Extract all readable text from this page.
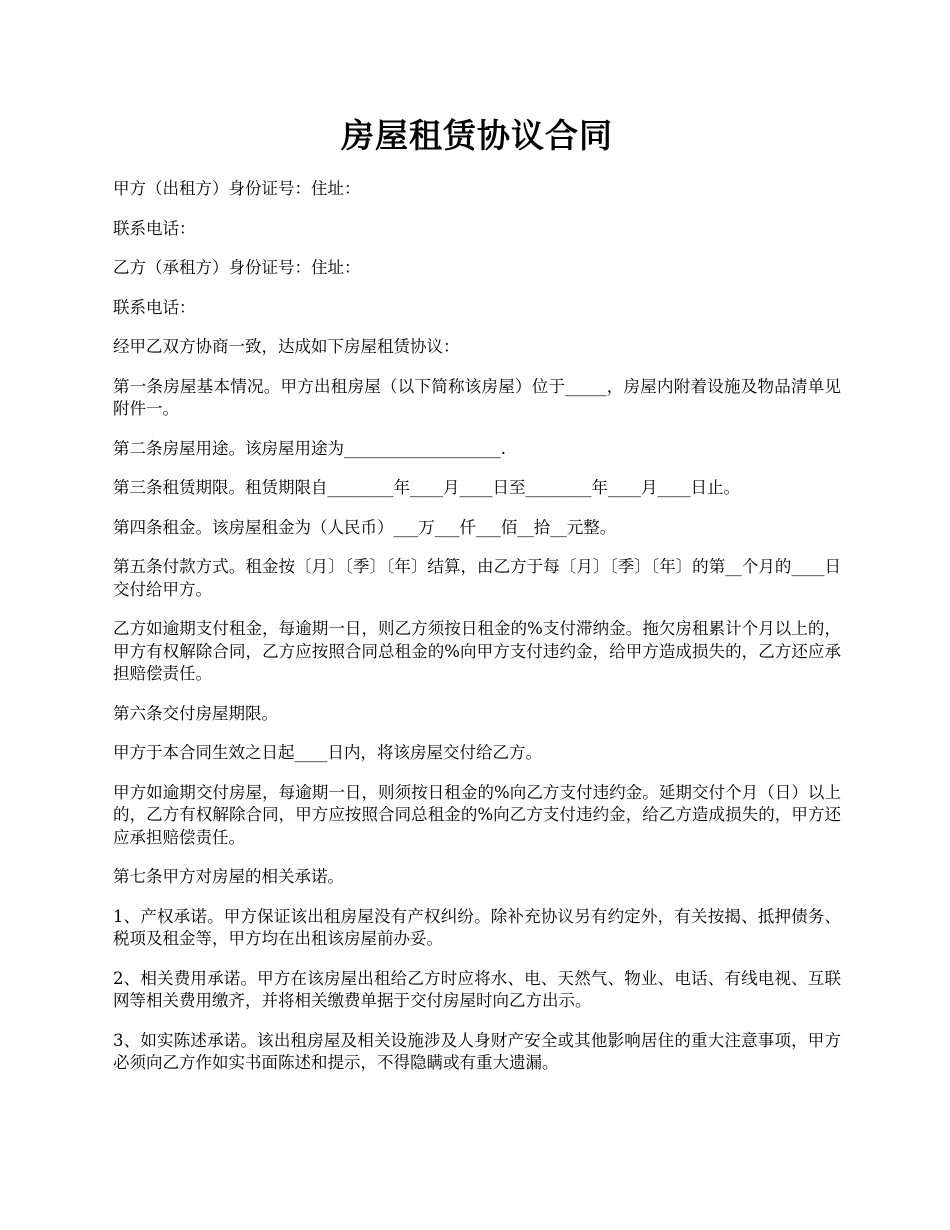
房屋租赁协议合同

甲方（出租方）身份证号：住址：

联系电话：

乙方（承租方）身份证号：住址：

联系电话：

经甲乙双方协商一致，达成如下房屋租赁协议：

第一条房屋基本情况。甲方出租房屋（以下简称该房屋）位于_____，房屋内附着设施及物品清单见附件一。

第二条房屋用途。该房屋用途为___________________.

第三条租赁期限。租赁期限自________年____月____日至________年____月____日止。

第四条租金。该房屋租金为（人民币）___万___仟___佰__拾__元整。

第五条付款方式。租金按〔月〕〔季〕〔年〕结算，由乙方于每〔月〕〔季〕〔年〕的第__个月的____日交付给甲方。

乙方如逾期支付租金，每逾期一日，则乙方须按日租金的%支付滞纳金。拖欠房租累计个月以上的，甲方有权解除合同，乙方应按照合同总租金的%向甲方支付违约金，给甲方造成损失的，乙方还应承担赔偿责任。

第六条交付房屋期限。

甲方于本合同生效之日起____日内，将该房屋交付给乙方。

甲方如逾期交付房屋，每逾期一日，则须按日租金的%向乙方支付违约金。延期交付个月（日）以上的，乙方有权解除合同，甲方应按照合同总租金的%向乙方支付违约金，给乙方造成损失的，甲方还应承担赔偿责任。

第七条甲方对房屋的相关承诺。

1、产权承诺。甲方保证该出租房屋没有产权纠纷。除补充协议另有约定外，有关按揭、抵押债务、税项及租金等，甲方均在出租该房屋前办妥。

2、相关费用承诺。甲方在该房屋出租给乙方时应将水、电、天然气、物业、电话、有线电视、互联网等相关费用缴齐，并将相关缴费单据于交付房屋时向乙方出示。

3、如实陈述承诺。该出租房屋及相关设施涉及人身财产安全或其他影响居住的重大注意事项，甲方必须向乙方作如实书面陈述和提示，不得隐瞒或有重大遗漏。
